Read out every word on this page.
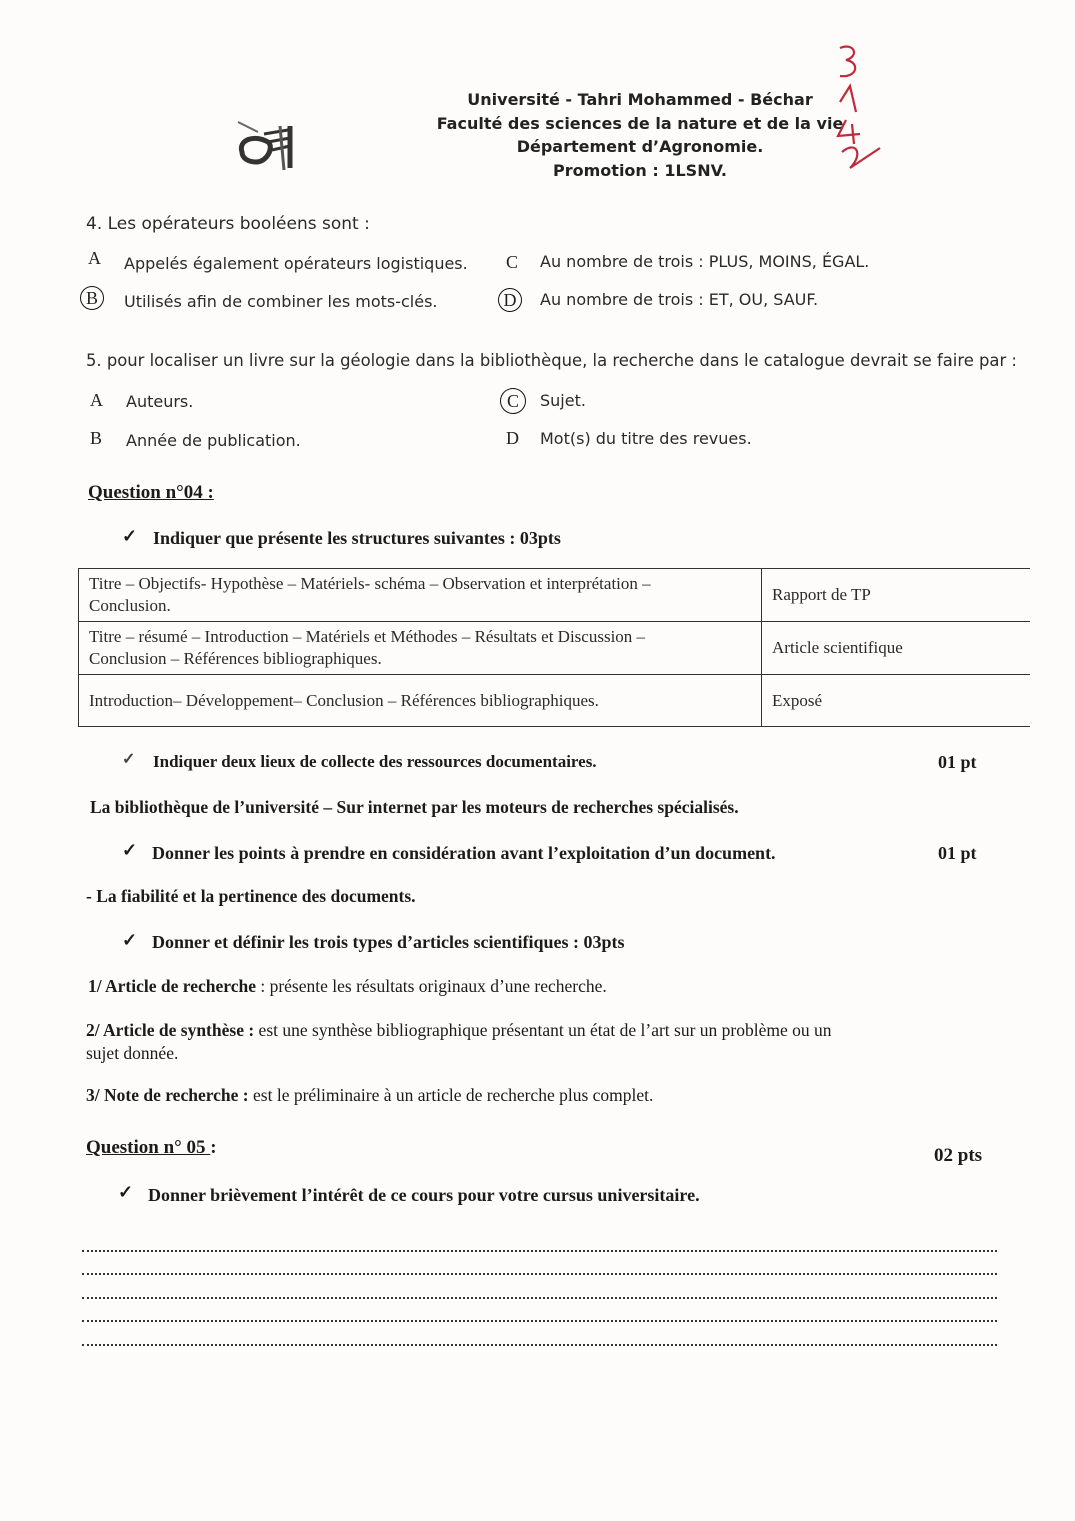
Université - Tahri Mohammed - Béchar
Faculté des sciences de la nature et de la vie
Département d’Agronomie.
Promotion : 1LSNV.
4. Les opérateurs booléens sont :
A Appelés également opérateurs logistiques.
B Utilisés afin de combiner les mots-clés.
C Au nombre de trois : PLUS, MOINS, ÉGAL.
D Au nombre de trois : ET, OU, SAUF.
5. pour localiser un livre sur la géologie dans la bibliothèque, la recherche dans le catalogue devrait se faire par :
A Auteurs.
B Année de publication.
C Sujet.
D Mot(s) du titre des revues.
Question n°04 :
✓ Indiquer que présente les structures suivantes : 03pts
Titre – Objectifs- Hypothèse – Matériels- schéma – Observation et interprétation –
Conclusion.	Rapport de TP

Titre – résumé – Introduction – Matériels et Méthodes – Résultats et Discussion –
Conclusion – Références bibliographiques.	Article scientifique

Introduction– Développement– Conclusion – Références bibliographiques.	Exposé
✓ Indiquer deux lieux de collecte des ressources documentaires.	01 pt
La bibliothèque de l’université – Sur internet par les moteurs de recherches spécialisés.
✓ Donner les points à prendre en considération avant l’exploitation d’un document.	01 pt
- La fiabilité et la pertinence des documents.
✓ Donner et définir les trois types d’articles scientifiques : 03pts
1/ Article de recherche : présente les résultats originaux d’une recherche.
2/ Article de synthèse : est une synthèse bibliographique présentant un état de l’art sur un problème ou un
sujet donnée.
3/ Note de recherche : est le préliminaire à un article de recherche plus complet.
Question n° 05 :	02 pts
✓ Donner brièvement l’intérêt de ce cours pour votre cursus universitaire.
